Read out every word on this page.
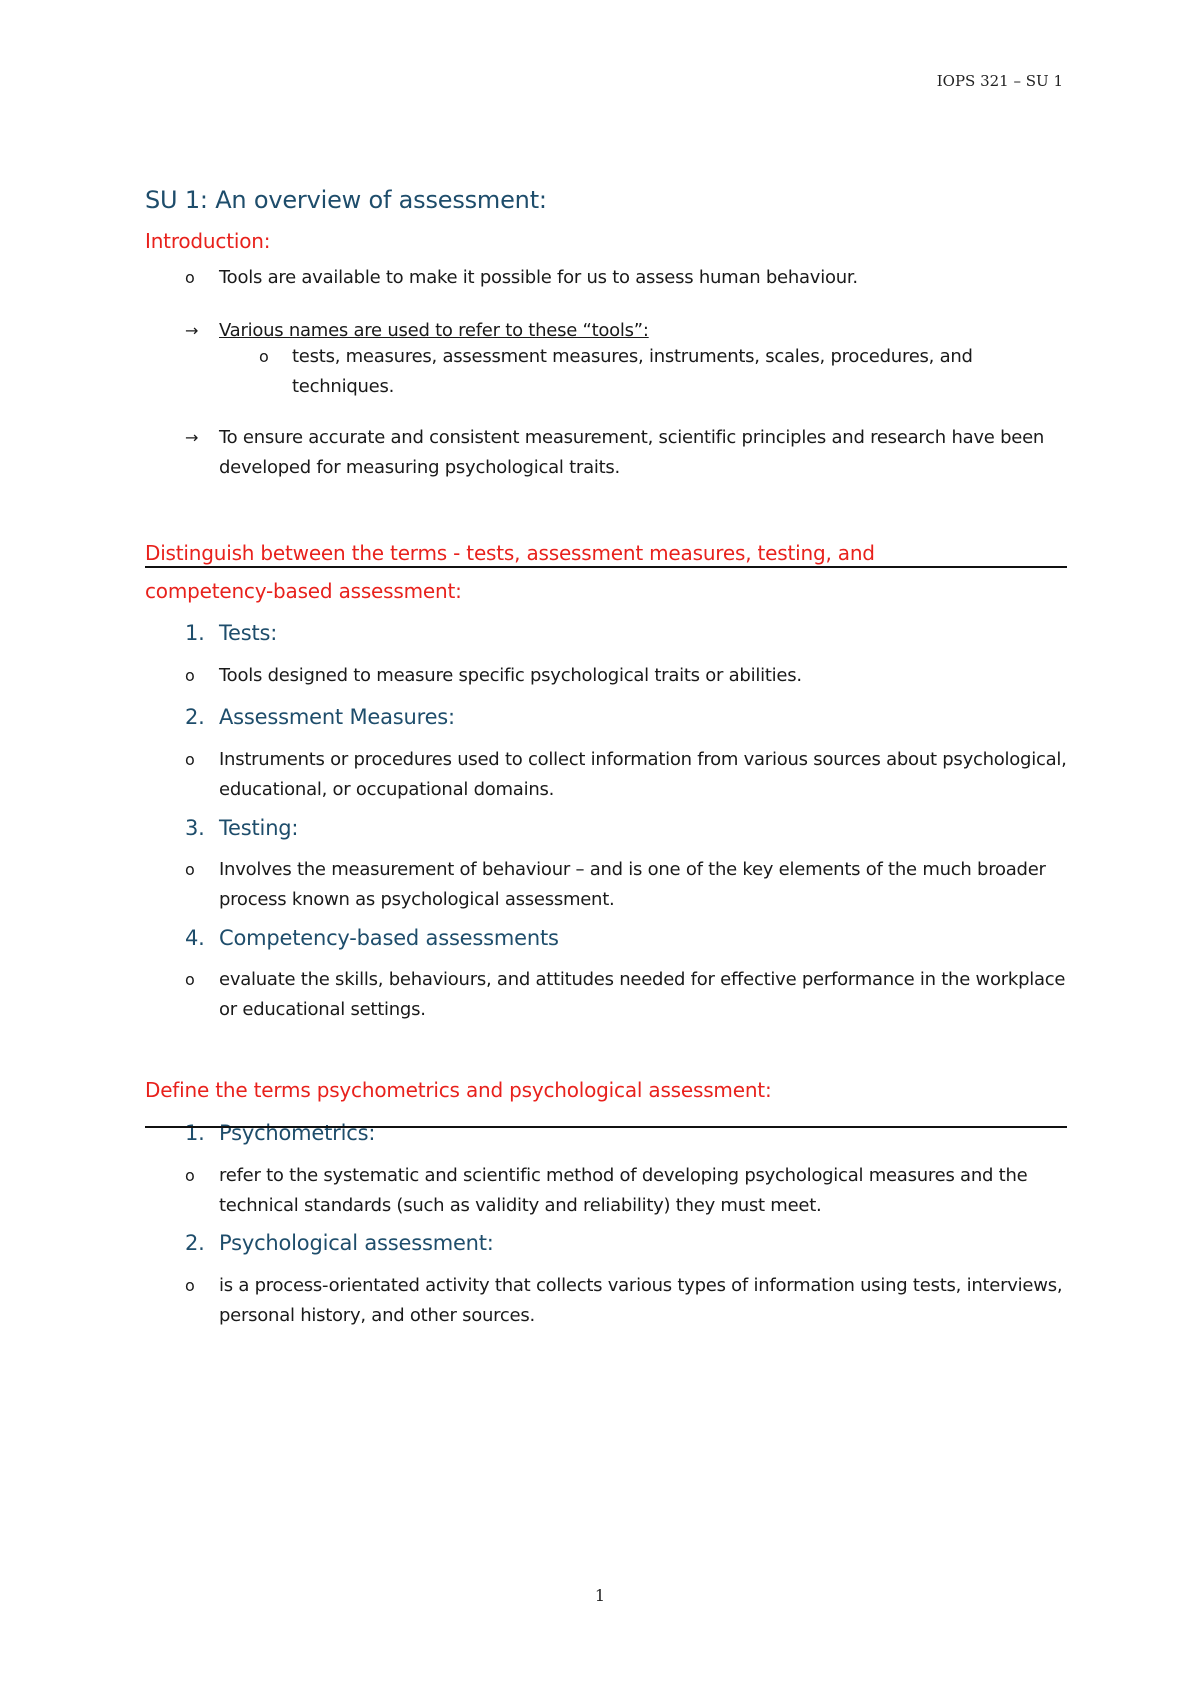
IOPS 321 – SU 1
SU 1: An overview of assessment:
Introduction:
o	Tools are available to make it possible for us to assess human behaviour.
→	Various names are used to refer to these “tools”:
o	tests, measures, assessment measures, instruments, scales, procedures, and techniques.
→	To ensure accurate and consistent measurement, scientific principles and research have been developed for measuring psychological traits.
Distinguish between the terms - tests, assessment measures, testing, and competency-based assessment:
1. Tests:
o	Tools designed to measure specific psychological traits or abilities.
2. Assessment Measures:
o	Instruments or procedures used to collect information from various sources about psychological, educational, or occupational domains.
3. Testing:
o	Involves the measurement of behaviour – and is one of the key elements of the much broader process known as psychological assessment.
4. Competency-based assessments
o	evaluate the skills, behaviours, and attitudes needed for effective performance in the workplace or educational settings.
Define the terms psychometrics and psychological assessment:
1. Psychometrics:
o	refer to the systematic and scientific method of developing psychological measures and the technical standards (such as validity and reliability) they must meet.
2. Psychological assessment:
o	is a process-orientated activity that collects various types of information using tests, interviews, personal history, and other sources.
1
